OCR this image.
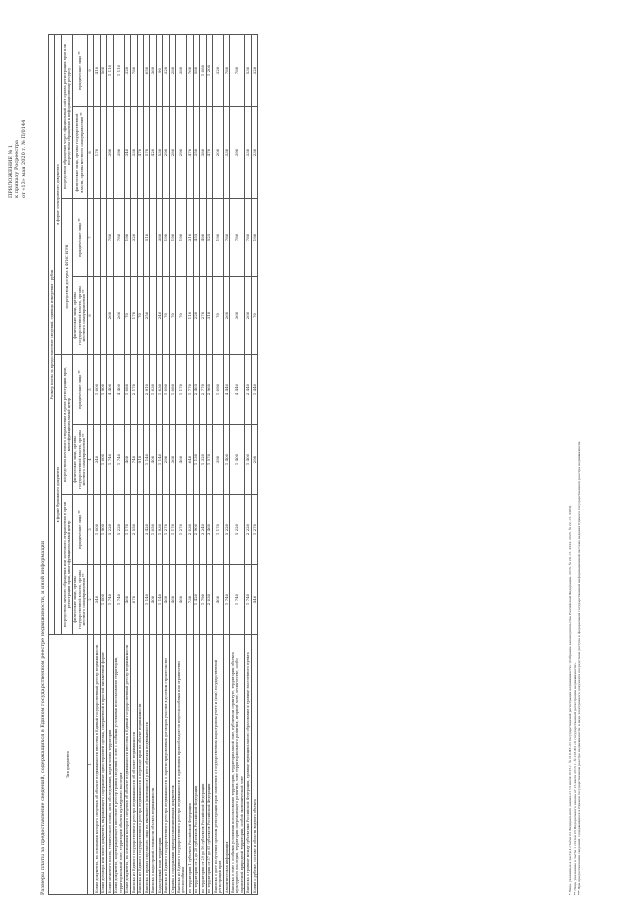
ПРИЛОЖЕНИЕ № 1 к приказу Росреестра от «13» мая 2020 г. № П/0144
Размеры платы за предоставление сведений, содержащихся в Едином государственном реестре недвижимости, и иной информации	Тип документа	Размер платы за предоставление сведений, единица измерения - рубли							
	в форме бумажного документа				в форме электронного документа			
	посредством личного обращения или почтового отправления в орган регистрации прав, многофункциональный центр		посредством почтового отправления в орган регистрации прав, многофункциональный центр		посредством доступа к ФГИС ЕГРН		посредством обращения через официальный сайт органа регистрации прав или посредством обращения к информационному ресурсу	
	физические лица, органы государственной власти, органы местного самоуправления **	юридические лица **	физические лица, органы государственной власти, органы местного самоуправления **	юридические лица **	физические лица, органы государственной власти, органы местного самоуправления **	юридические лица **	физические лица, органы государственной власти, органы местного самоуправления **	юридические лица **
1	2	3	4	5	6	7	8	9
Копия документа, на основании которого сведения об объекте недвижимости внесены в Единый государственный реестр недвижимости	340	1 000	340	1 000			170	410
Копия договора или иного документа, выражающего содержание односторонней сделки, совершенной в простой письменной форме	1 000	1 900	1 000	1 900				560
Копия межевого плана, технического плана, акта обследования, карты-плана территории	1 740	5 220	1 740	4 400	260	780	390	1 110
Копия документа, подтверждающего внесение в реестр границ сведений о зоне с особыми условиями использования территории, территориальной зоне, территории объекта культурного наследия	1 740	5 220	1 740	4 400	260	780	390	1 110
Копия документа, на основании которого сведения об объекте недвижимости внесены в Единый государственный реестр недвижимости	460	1 170	460	1 080	70	190	340	320
Выписка из Единого государственного реестра недвижимости об объекте недвижимости	870	2 550	740	2 170	170	320	330	780
Выписка из Единого государственного реестра недвижимости о переходе прав на объект недвижимости			910		70		470	
Выписка о правах отдельного лица на имевшиеся (имеющиеся) у него объекты недвижимости	1 140	3 420	1 140	2 910	250	510	570	650
Выписка о кадастровой стоимости объекта недвижимости	400	1 050	400	1 030			420	360
Кадастровый план территории	1 140	1 930	1 140	1 630	240	380	530	90
Выписка из Единого государственного реестра недвижимости о зарегистрированных договорах участия в долевом строительстве	460	1 270	290	1 090	70	190	290	320
Справка о содержании правоустанавливающих документов	460	1 170	360	1 080	70	190	280	280
Выписка из Единого государственного реестра недвижимости о признании правообладателя недееспособным или ограниченно дееспособным	460	1 270	460	1 170	70	190	290	380
по территории 1 субъекта Российской Федерации	730	2 030	640	1 770	110	310	470	760
по территории от 2 до 28 субъектов Российской Федерации	1 420	2 900	1 130	2 465	220	455	350	580
по территории от 29 до 56 субъектов Российской Федерации	1 790	3 240	1 320	2 770	270	490	380	1 080
по территории от 57 до 85 субъектов Российской Федерации	2 030	3 460	1 570	2 960	310	525	470	1 200
Выписка о дате получения органом регистрации прав заявления о государственном кадастровом учете и (или) государственной регистрации прав	400	1 170	390	1 090	70	190	200	320
Аналитическая информация	1 740	5 220	1 400	4 440	260	780	330	780
Выписка о зоне с особыми условиями использования территории, территориальной зоне, публичном сервитуте, территории объекта культурного наследия, территории опережающего развития, зоне территориального развития, игорной зоне, лесничестве, особо охраняемой природной территории, особой экономической зоне	1 740	5 220	1 400	4 440	360	780	390	780
Выписка о границе между субъектами Российской Федерации, границе муниципального образования и границе населенного пункта	1 740	2 220	1 400	2 440	260	780	330	530
Копия о рубеже, составе и области водного объекта	440	1 270	290	1 440	70	190	230	320
* Лица, указанные в части 4 статьи 62 Федерального закона от 13 июля 2015 г. № 218-ФЗ «О государственной регистрации недвижимости» (Собрание законодательства Российской Федерации, 2015, № 29, ст. 4344; 2020, № 22, ст. 3383). ** Лица, указанные в части 1 статьи 63 Федерального закона от 13 июля 2015 г. № 218-ФЗ «О государственной регистрации недвижимости». *** При предоставлении сведений, содержащихся в Едином государственном реестре недвижимости, в виде электронного документа посредством доступа к федеральной государственной информационной системе ведения Единого государственного реестра недвижимости.
